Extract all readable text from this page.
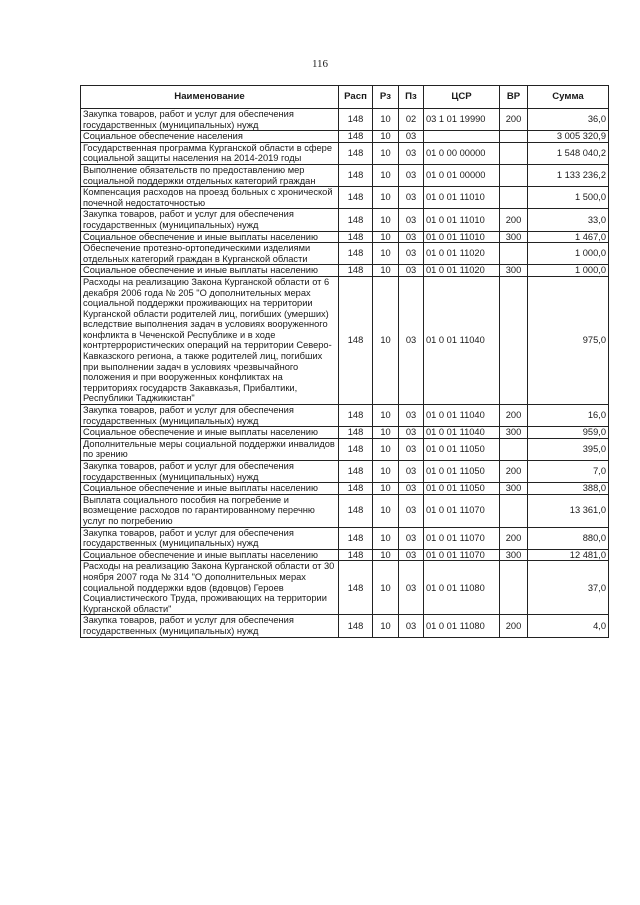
116
Наименование	Расп	Рз	Пз	ЦСР	ВР	Сумма
Закупка товаров, работ и услуг для обеспечения государственных (муниципальных) нужд	148	10	02	03 1 01 19990	200	36,0
Социальное обеспечение населения	148	10	03			3 005 320,9
Государственная программа Курганской области в сфере социальной защиты населения на 2014-2019 годы	148	10	03	01 0 00 00000		1 548 040,2
Выполнение обязательств по предоставлению мер социальной поддержки отдельных категорий граждан	148	10	03	01 0 01 00000		1 133 236,2
Компенсация расходов на проезд больных с хронической почечной недостаточностью	148	10	03	01 0 01 11010		1 500,0
Закупка товаров, работ и услуг для обеспечения государственных (муниципальных) нужд	148	10	03	01 0 01 11010	200	33,0
Социальное обеспечение и иные выплаты населению	148	10	03	01 0 01 11010	300	1 467,0
Обеспечение протезно-ортопедическими изделиями отдельных категорий граждан в Курганской области	148	10	03	01 0 01 11020		1 000,0
Социальное обеспечение и иные выплаты населению	148	10	03	01 0 01 11020	300	1 000,0
Расходы на реализацию Закона Курганской области от 6 декабря 2006 года № 205 "О дополнительных мерах социальной поддержки проживающих на территории Курганской области родителей лиц, погибших (умерших) вследствие выполнения задач в условиях вооруженного конфликта в Чеченской Республике и в ходе контртеррористических операций на территории Северо-Кавказского региона, а также родителей лиц, погибших при выполнении задач в условиях чрезвычайного положения и при вооруженных конфликтах на территориях государств Закавказья, Прибалтики, Республики Таджикистан"	148	10	03	01 0 01 11040		975,0
Закупка товаров, работ и услуг для обеспечения государственных (муниципальных) нужд	148	10	03	01 0 01 11040	200	16,0
Социальное обеспечение и иные выплаты населению	148	10	03	01 0 01 11040	300	959,0
Дополнительные меры социальной поддержки инвалидов по зрению	148	10	03	01 0 01 11050		395,0
Закупка товаров, работ и услуг для обеспечения государственных (муниципальных) нужд	148	10	03	01 0 01 11050	200	7,0
Социальное обеспечение и иные выплаты населению	148	10	03	01 0 01 11050	300	388,0
Выплата социального пособия на погребение и возмещение расходов по гарантированному перечню услуг по погребению	148	10	03	01 0 01 11070		13 361,0
Закупка товаров, работ и услуг для обеспечения государственных (муниципальных) нужд	148	10	03	01 0 01 11070	200	880,0
Социальное обеспечение и иные выплаты населению	148	10	03	01 0 01 11070	300	12 481,0
Расходы на реализацию Закона Курганской области от 30 ноября 2007 года № 314 "О дополнительных мерах социальной поддержки вдов (вдовцов) Героев Социалистического Труда, проживающих на территории Курганской области"	148	10	03	01 0 01 11080		37,0
Закупка товаров, работ и услуг для обеспечения государственных (муниципальных) нужд	148	10	03	01 0 01 11080	200	4,0
